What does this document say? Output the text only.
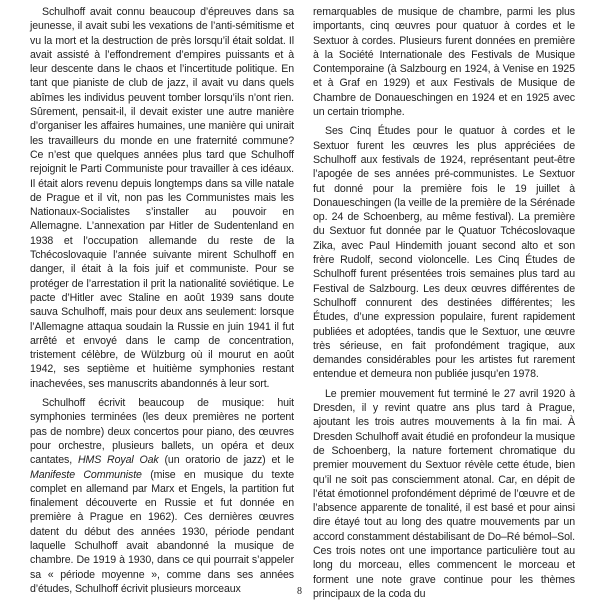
Schulhoff avait connu beaucoup d’épreuves dans sa jeunesse, il avait subi les vexations de l’anti-sémitisme et vu la mort et la destruction de près lorsqu’il était soldat. Il avait assisté à l’effondrement d’empires puissants et à leur descente dans le chaos et l’incertitude politique. En tant que pianiste de club de jazz, il avait vu dans quels abîmes les individus peuvent tomber lorsqu’ils n’ont rien. Sûrement, pensait-il, il devait exister une autre manière d’organiser les affaires humaines, une manière qui unirait les travailleurs du monde en une fraternité commune? Ce n’est que quelques années plus tard que Schulhoff rejoignit le Parti Communiste pour travailler à ces idéaux. Il était alors revenu depuis longtemps dans sa ville natale de Prague et il vit, non pas les Communistes mais les Nationaux-Socialistes s’installer au pouvoir en Allemagne. L’annexation par Hitler de Sudentenland en 1938 et l’occupation allemande du reste de la Tchécoslovaquie l’année suivante mirent Schulhoff en danger, il était à la fois juif et communiste. Pour se protéger de l’arrestation il prit la nationalité soviétique. Le pacte d’Hitler avec Staline en août 1939 sans doute sauva Schulhoff, mais pour deux ans seulement: lorsque l’Allemagne attaqua soudain la Russie en juin 1941 il fut arrêté et envoyé dans le camp de concentration, tristement célèbre, de Wülzburg où il mourut en août 1942, ses septième et huitième symphonies restant inachevées, ses manuscrits abandonnés à leur sort.

Schulhoff écrivit beaucoup de musique: huit symphonies terminées (les deux premières ne portent pas de nombre) deux concertos pour piano, des œuvres pour orchestre, plusieurs ballets, un opéra et deux cantates, HMS Royal Oak (un oratorio de jazz) et le Manifeste Communiste (mise en musique du texte complet en allemand par Marx et Engels, la partition fut finalement découverte en Russie et fut donnée en première à Prague en 1962). Ces dernières œuvres datent du début des années 1930, période pendant laquelle Schulhoff avait abandonné la musique de chambre. De 1919 à 1930, dans ce qui pourrait s’appeler sa « période moyenne », comme dans ses années d’études, Schulhoff écrivit plusieurs morceaux

remarquables de musique de chambre, parmi les plus importants, cinq œuvres pour quatuor à cordes et le Sextuor à cordes. Plusieurs furent données en première à la Société Internationale des Festivals de Musique Contemporaine (à Salzbourg en 1924, à Venise en 1925 et à Graf en 1929) et aux Festivals de Musique de Chambre de Donaueschingen en 1924 et en 1925 avec un certain triomphe.

Ses Cinq Études pour le quatuor à cordes et le Sextuor furent les œuvres les plus appréciées de Schulhoff aux festivals de 1924, représentant peut-être l’apogée de ses années pré-communistes. Le Sextuor fut donné pour la première fois le 19 juillet à Donaueschingen (la veille de la première de la Sérénade op. 24 de Schoenberg, au même festival). La première du Sextuor fut donnée par le Quatuor Tchécoslovaque Zika, avec Paul Hindemith jouant second alto et son frère Rudolf, second violoncelle. Les Cinq Études de Schulhoff furent présentées trois semaines plus tard au Festival de Salzbourg. Les deux œuvres différentes de Schulhoff connurent des destinées différentes; les Études, d’une expression populaire, furent rapidement publiées et adoptées, tandis que le Sextuor, une œuvre très sérieuse, en fait profondément tragique, aux demandes considérables pour les artistes fut rarement entendue et demeura non publiée jusqu’en 1978.

Le premier mouvement fut terminé le 27 avril 1920 à Dresden, il y revint quatre ans plus tard à Prague, ajoutant les trois autres mouvements à la fin mai. À Dresden Schulhoff avait étudié en profondeur la musique de Schoenberg, la nature fortement chromatique du premier mouvement du Sextuor révèle cette étude, bien qu’il ne soit pas consciemment atonal. Car, en dépit de l’état émotionnel profondément déprimé de l’œuvre et de l’absence apparente de tonalité, il est basé et pour ainsi dire étayé tout au long des quatre mouvements par un accord constamment déstabilisant de Do–Ré bémol–Sol. Ces trois notes ont une importance particulière tout au long du morceau, elles commencent le morceau et forment une note grave continue pour les thèmes principaux de la coda du

8
